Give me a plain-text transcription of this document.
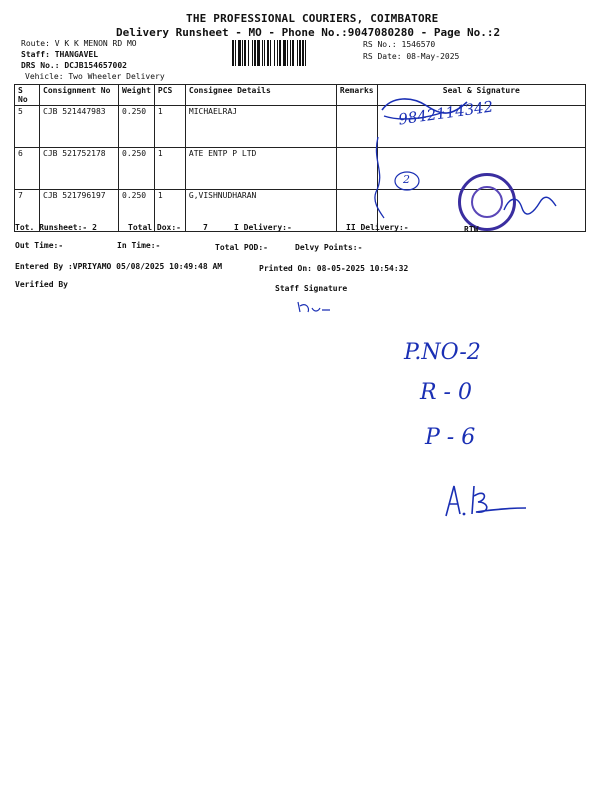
THE PROFESSIONAL COURIERS, COIMBATORE
Delivery Runsheet - MO - Phone No.:9047080280 - Page No.:2
Route: V K K MENON RD MO
Staff: THANGAVEL
DRS No.: DCJB154657002
Vehicle: Two Wheeler Delivery
RS No.: 1546570
RS Date: 08-May-2025
S No	Consignment No	Weight	PCS	Consignee Details	Remarks	Seal & Signature
5	CJB 521447983	0.250	1	MICHAELRAJ		
6	CJB 521752178	0.250	1	ATE ENTP P LTD		
7	CJB 521796197	0.250	1	G,VISHNUDHARAN		
9842114342
2
Tot. Runsheet:- 2	Total Dox:-	7	I Delivery:-	II Delivery:-	RTW
Out Time:-	In Time:-	Total POD:-	Delvy Points:-
Entered By :VPRIYAMO 05/08/2025 10:49:48 AM	Printed On: 08-05-2025 10:54:32
Verified By	Staff Signature
P.NO-2
R - 0
P - 6
